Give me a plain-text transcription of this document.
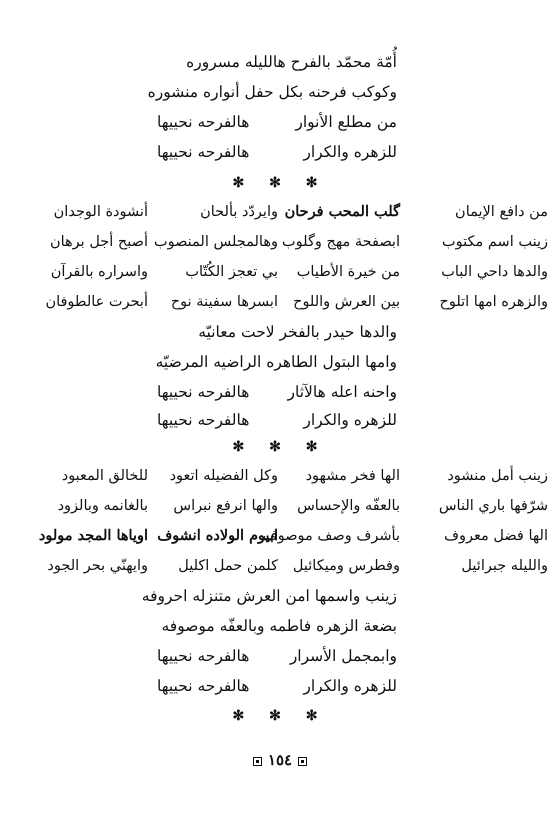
أُمّة محمّد بالفرح هالليله مسروره
وكوكب فرحنه بكل حفل أنواره منشوره
من مطلع الأنوار
هالفرحه نحييها
للزهره والكرار
هالفرحه نحييها
✻ ✻ ✻
من دافع الإيمان
گلب المحب فرحان
وايردّد بألحان
أنشودة الوجدان
زينب اسم مكتوب
ابصفحة مهج وگلوب
وهالمجلس المنصوب
أصبح أجل برهان
والدها داحي الباب
من خيرة الأطياب
بي تعجز الكُتّاب
واسراره بالقرآن
والزهره امها اتلوح
بين العرش واللوح
ابسرها سفينة نوح
أبحرت عالطوفان
والدها حيدر بالفخر لاحت معانيّه
وامها البتول الطاهره الراضيه المرضيّه
واحنه اعله هالآثار
هالفرحه نحييها
للزهره والكرار
هالفرحه نحييها
✻ ✻ ✻
زينب أمل منشود
الها فخر مشهود
وكل الفضيله اتعود
للخالق المعبود
شرّفها باري الناس
بالعفّه والإحساس
والها انرفع نبراس
بالغانمه وبالزود
الها فضل معروف
بأشرف وصف موصوف
ابيوم الولاده انشوف
اوياها المجد مولود
والليله جبرائيل
وفطرس وميكائيل
كلمن حمل اكليل
وايهنّي بحر الجود
زينب واسمها امن العرش متنزله احروفه
بضعة الزهره فاطمه وبالعفّه موصوفه
وابمجمل الأسرار
هالفرحه نحييها
للزهره والكرار
هالفرحه نحييها
✻ ✻ ✻
١٥٤
